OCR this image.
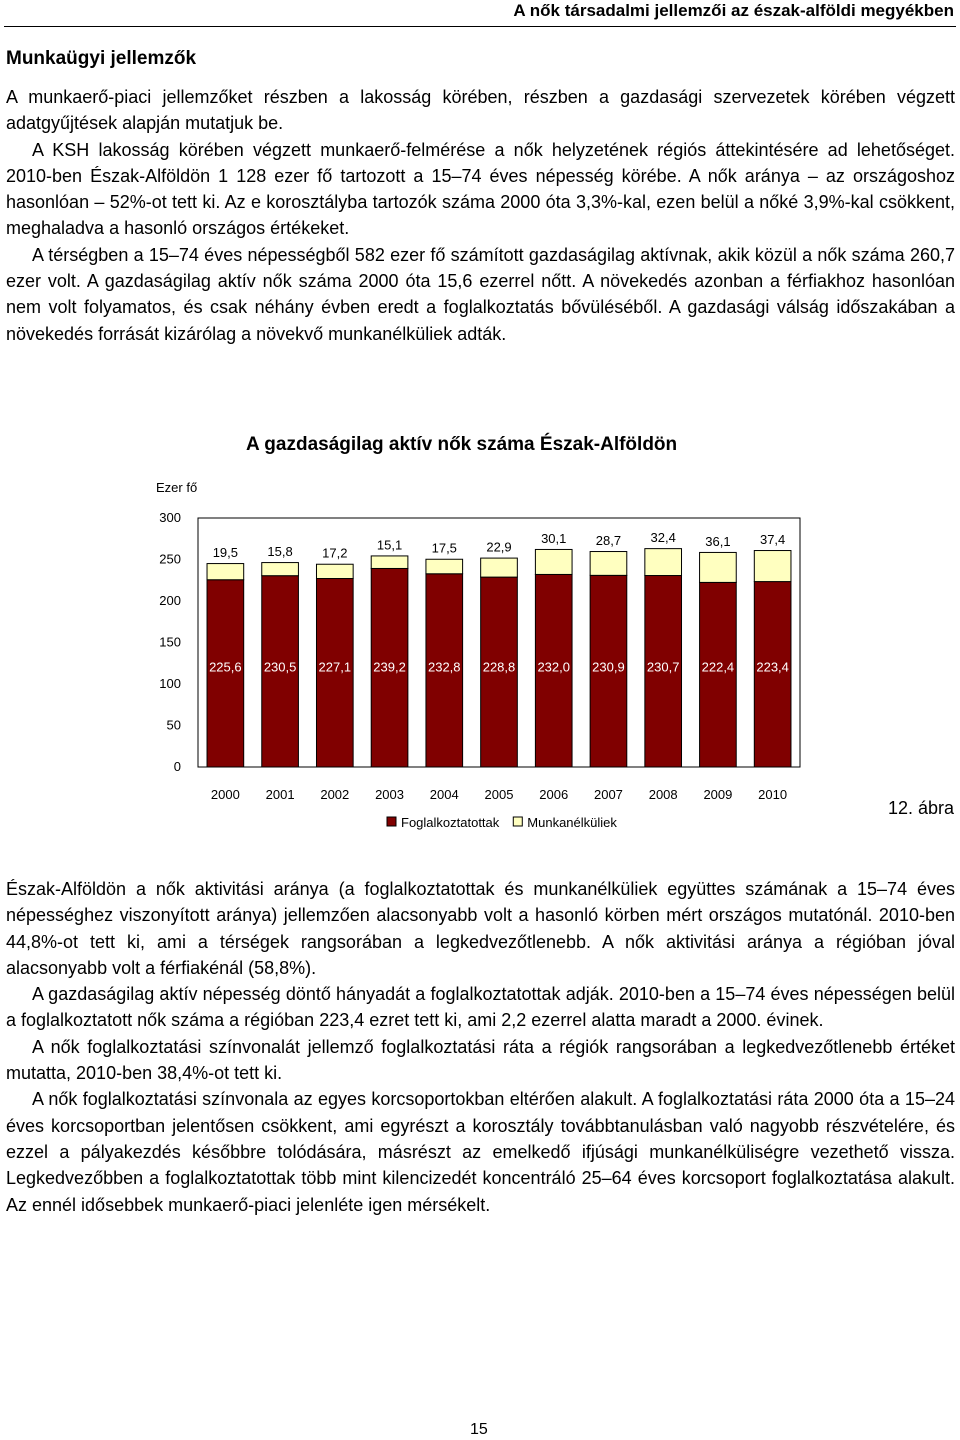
A nők társadalmi jellemzői az észak-alföldi megyékben
Munkaügyi jellemzők

A munkaerő-piaci jellemzőket részben a lakosság körében, részben a gazdasági szervezetek körében végzett adatgyűjtések alapján mutatjuk be.

A KSH lakosság körében végzett munkaerő-felmérése a nők helyzetének régiós áttekintésére ad lehetőséget. 2010-ben Észak-Alföldön 1 128 ezer fő tartozott a 15–74 éves népesség körébe. A nők aránya – az országoshoz hasonlóan – 52%-ot tett ki. Az e korosztályba tartozók száma 2000 óta 3,3%-kal, ezen belül a nőké 3,9%-kal csökkent, meghaladva a hasonló országos értékeket.

A térségben a 15–74 éves népességből 582 ezer fő számított gazdaságilag aktívnak, akik közül a nők száma 260,7 ezer volt. A gazdaságilag aktív nők száma 2000 óta 15,6 ezerrel nőtt. A növekedés azonban a férfiakhoz hasonlóan nem volt folyamatos, és csak néhány évben eredt a foglalkoztatás bővüléséből. A gazdasági válság időszakában a növekedés forrását kizárólag a növekvő munkanélküliek adták.

12. ábra
A gazdaságilag aktív nők száma Észak-Alföldön
Ezer fő
0
50
100
150
200
250
300
225,6
19,5
230,5
15,8
227,1
17,2
239,2
15,1
232,8
17,5
228,8
22,9
232,0
30,1
230,9
28,7
230,7
32,4
222,4
36,1
223,4
37,4
2000 2001 2002 2003 2004 2005 2006 2007 2008 2009 2010
Foglalkoztatottak Munkanélküliek

Észak-Alföldön a nők aktivitási aránya (a foglalkoztatottak és munkanélküliek együttes számának a 15–74 éves népességhez viszonyított aránya) jellemzően alacsonyabb volt a hasonló körben mért országos mutatónál. 2010-ben 44,8%-ot tett ki, ami a térségek rangsorában a legkedvezőtlenebb. A nők aktivitási aránya a régióban jóval alacsonyabb volt a férfiakénál (58,8%).

A gazdaságilag aktív népesség döntő hányadát a foglalkoztatottak adják. 2010-ben a 15–74 éves népességen belül a foglalkoztatott nők száma a régióban 223,4 ezret tett ki, ami 2,2 ezerrel alatta maradt a 2000. évinek.

A nők foglalkoztatási színvonalát jellemző foglalkoztatási ráta a régiók rangsorában a legkedvezőtlenebb értéket mutatta, 2010-ben 38,4%-ot tett ki.

A nők foglalkoztatási színvonala az egyes korcsoportokban eltérően alakult. A foglalkoztatási ráta 2000 óta a 15–24 éves korcsoportban jelentősen csökkent, ami egyrészt a korosztály továbbtanulásban való nagyobb részvételére, és ezzel a pályakezdés későbbre tolódására, másrészt az emelkedő ifjúsági munkanélküliségre vezethető vissza. Legkedvezőbben a foglalkoztatottak több mint kilencizedét koncentráló 25–64 éves korcsoport foglalkoztatása alakult. Az ennél idősebbek munkaerő-piaci jelenléte igen mérsékelt.

15
